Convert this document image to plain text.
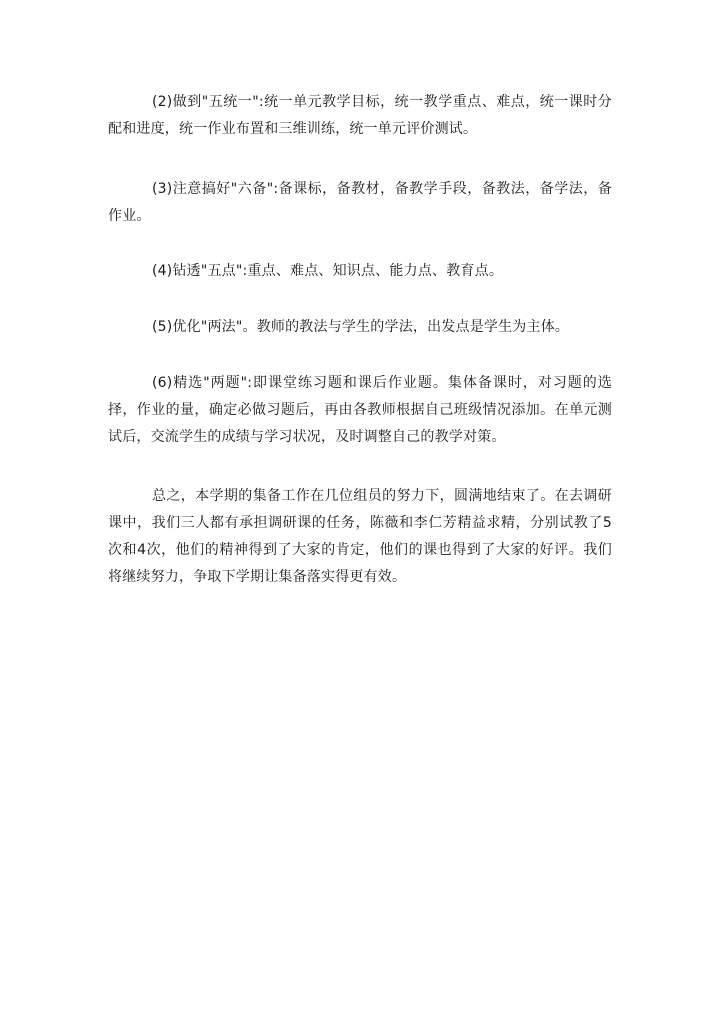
(2)做到"五统一":统一单元教学目标，统一教学重点、难点，统一课时分配和进度，统一作业布置和三维训练，统一单元评价测试。

(3)注意搞好"六备":备课标，备教材，备教学手段，备教法，备学法，备作业。

(4)钻透"五点":重点、难点、知识点、能力点、教育点。

(5)优化"两法"。教师的教法与学生的学法，出发点是学生为主体。

(6)精选"两题":即课堂练习题和课后作业题。集体备课时，对习题的选择，作业的量，确定必做习题后，再由各教师根据自己班级情况添加。在单元测试后，交流学生的成绩与学习状况，及时调整自己的教学对策。

总之，本学期的集备工作在几位组员的努力下，圆满地结束了。在去调研课中，我们三人都有承担调研课的任务，陈薇和李仁芳精益求精，分别试教了5次和4次，他们的精神得到了大家的肯定，他们的课也得到了大家的好评。我们将继续努力，争取下学期让集备落实得更有效。
